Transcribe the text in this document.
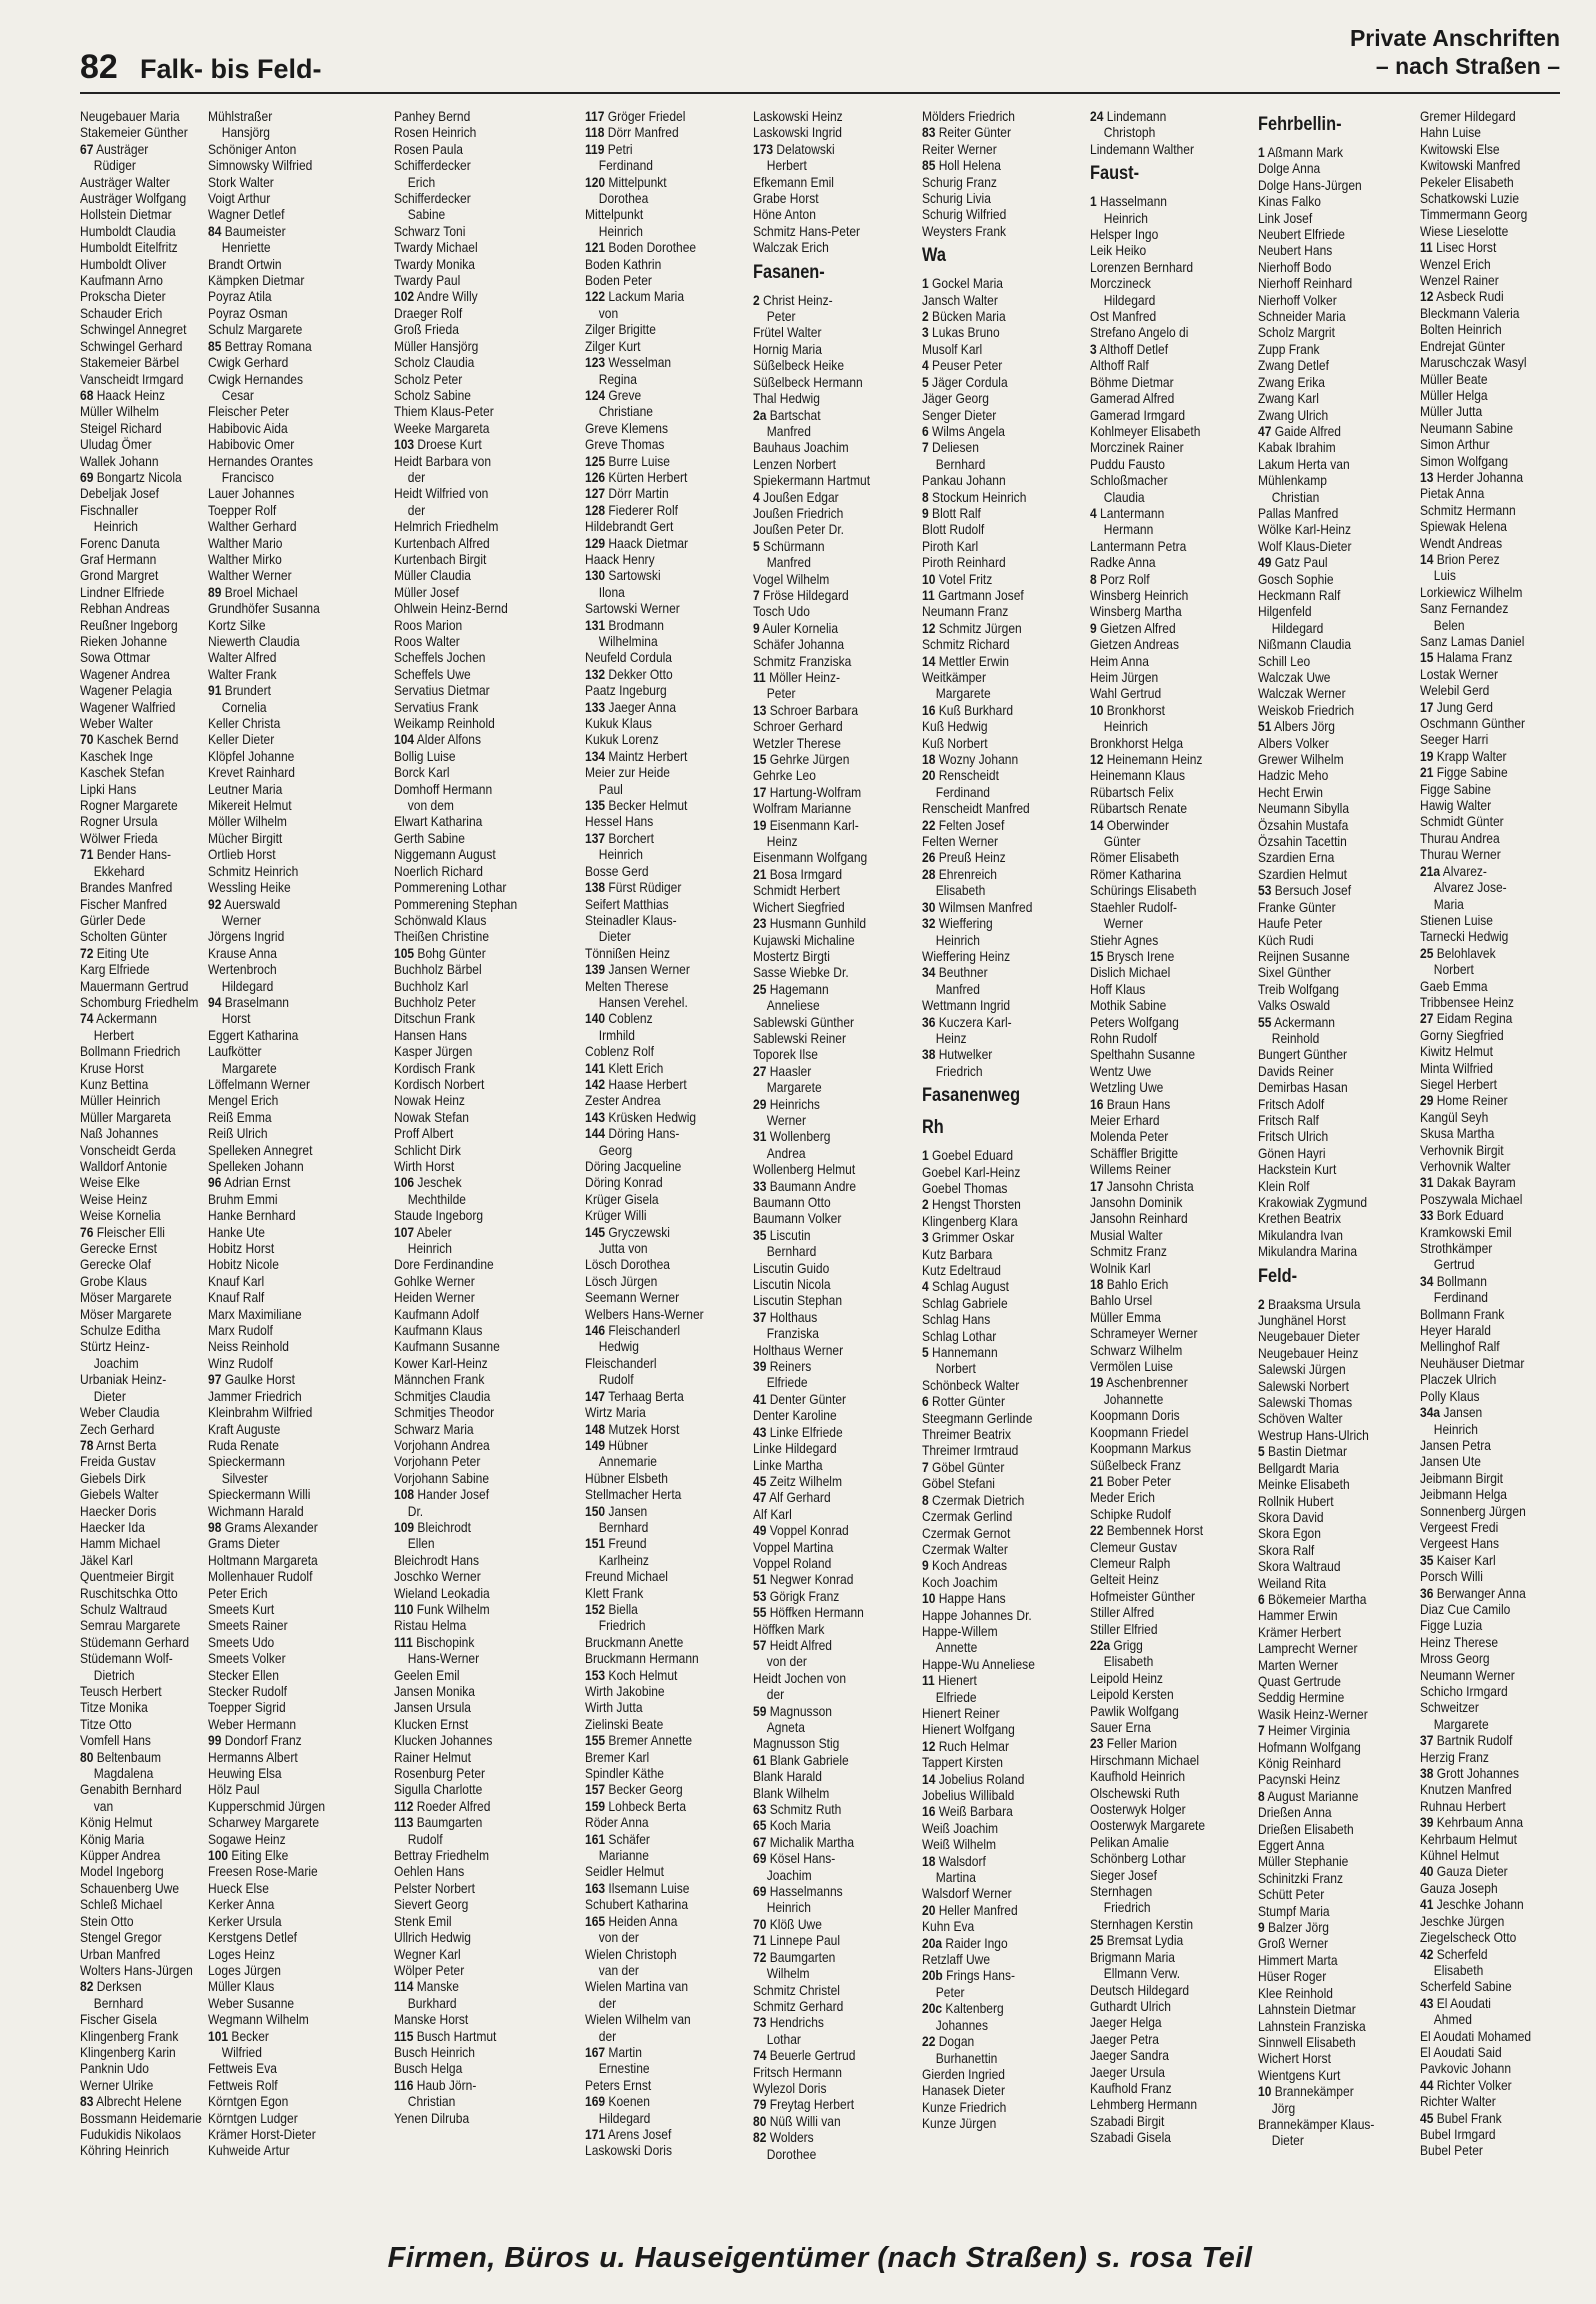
82 Falk- bis Feld-
Private Anschriften
– nach Straßen –
Neugebauer Maria
Stakemeier Günther
67 Austräger
Rüdiger
Austräger Walter
Austräger Wolfgang
Hollstein Dietmar
Humboldt Claudia
Humboldt Eitelfritz
Humboldt Oliver
Kaufmann Arno
Prokscha Dieter
Schauder Erich
Schwingel Annegret
Schwingel Gerhard
Stakemeier Bärbel
Vanscheidt Irmgard
68 Haack Heinz
Müller Wilhelm
Steigel Richard
Uludag Ömer
Wallek Johann
69 Bongartz Nicola
Debeljak Josef
Fischnaller
Heinrich
Forenc Danuta
Graf Hermann
Grond Margret
Lindner Elfriede
Rebhan Andreas
Reußner Ingeborg
Rieken Johanne
Sowa Ottmar
Wagener Andrea
Wagener Pelagia
Wagener Walfried
Weber Walter
70 Kaschek Bernd
Kaschek Inge
Kaschek Stefan
Lipki Hans
Rogner Margarete
Rogner Ursula
Wölwer Frieda
71 Bender Hans-
Ekkehard
Brandes Manfred
Fischer Manfred
Gürler Dede
Scholten Günter
72 Eiting Ute
Karg Elfriede
Mauermann Gertrud
Schomburg Friedhelm
74 Ackermann
Herbert
Bollmann Friedrich
Kruse Horst
Kunz Bettina
Müller Heinrich
Müller Margareta
Naß Johannes
Vonscheidt Gerda
Walldorf Antonie
Weise Elke
Weise Heinz
Weise Kornelia
76 Fleischer Elli
Gerecke Ernst
Gerecke Olaf
Grobe Klaus
Möser Margarete
Möser Margarete
Schulze Editha
Stürtz Heinz-
Joachim
Urbaniak Heinz-
Dieter
Weber Claudia
Zech Gerhard
78 Arnst Berta
Freida Gustav
Giebels Dirk
Giebels Walter
Haecker Doris
Haecker Ida
Hamm Michael
Jäkel Karl
Quentmeier Birgit
Ruschitschka Otto
Schulz Waltraud
Semrau Margarete
Stüdemann Gerhard
Stüdemann Wolf-
Dietrich
Teusch Herbert
Titze Monika
Titze Otto
Vomfell Hans
80 Beltenbaum
Magdalena
Genabith Bernhard
van
König Helmut
König Maria
Küpper Andrea
Model Ingeborg
Schauenberg Uwe
Schleß Michael
Stein Otto
Stengel Gregor
Urban Manfred
Wolters Hans-Jürgen
82 Derksen
Bernhard
Fischer Gisela
Klingenberg Frank
Klingenberg Karin
Panknin Udo
Werner Ulrike
83 Albrecht Helene
Bossmann Heidemarie
Fudukidis Nikolaos
Köhring Heinrich
Mühlstraßer
Hansjörg
Schöniger Anton
Simnowsky Wilfried
Stork Walter
Voigt Arthur
Wagner Detlef
84 Baumeister
Henriette
Brandt Ortwin
Kämpken Dietmar
Poyraz Atila
Poyraz Osman
Schulz Margarete
85 Bettray Romana
Cwigk Gerhard
Cwigk Hernandes
Cesar
Fleischer Peter
Habibovic Aida
Habibovic Omer
Hernandes Orantes
Francisco
Lauer Johannes
Toepper Rolf
Walther Gerhard
Walther Mario
Walther Mirko
Walther Werner
89 Broel Michael
Grundhöfer Susanna
Kortz Silke
Niewerth Claudia
Walter Alfred
Walter Frank
91 Brundert
Cornelia
Keller Christa
Keller Dieter
Klöpfel Johanne
Krevet Rainhard
Leutner Maria
Mikereit Helmut
Möller Wilhelm
Mücher Birgitt
Ortlieb Horst
Schmitz Heinrich
Wessling Heike
92 Auerswald
Werner
Jörgens Ingrid
Krause Anna
Wertenbroch
Hildegard
94 Braselmann
Horst
Eggert Katharina
Laufkötter
Margarete
Löffelmann Werner
Mengel Erich
Reiß Emma
Reiß Ulrich
Spelleken Annegret
Spelleken Johann
96 Adrian Ernst
Bruhm Emmi
Hanke Bernhard
Hanke Ute
Hobitz Horst
Hobitz Nicole
Knauf Karl
Knauf Ralf
Marx Maximiliane
Marx Rudolf
Neiss Reinhold
Winz Rudolf
97 Gaulke Horst
Jammer Friedrich
Kleinbrahm Wilfried
Kraft Auguste
Ruda Renate
Spieckermann
Silvester
Spieckermann Willi
Wichmann Harald
98 Grams Alexander
Grams Dieter
Holtmann Margareta
Mollenhauer Rudolf
Peter Erich
Smeets Kurt
Smeets Rainer
Smeets Udo
Smeets Volker
Stecker Ellen
Stecker Rudolf
Toepper Sigrid
Weber Hermann
99 Dondorf Franz
Hermanns Albert
Heuwing Elsa
Hölz Paul
Kupperschmid Jürgen
Scharwey Margarete
Sogawe Heinz
100 Eiting Elke
Freesen Rose-Marie
Hueck Else
Kerker Anna
Kerker Ursula
Kerstgens Detlef
Loges Heinz
Loges Jürgen
Müller Klaus
Weber Susanne
Wegmann Wilhelm
101 Becker
Wilfried
Fettweis Eva
Fettweis Rolf
Körntgen Egon
Körntgen Ludger
Krämer Horst-Dieter
Kuhweide Artur
Panhey Bernd
Rosen Heinrich
Rosen Paula
Schifferdecker
Erich
Schifferdecker
Sabine
Schwarz Toni
Twardy Michael
Twardy Monika
Twardy Paul
102 Andre Willy
Draeger Rolf
Groß Frieda
Müller Hansjörg
Scholz Claudia
Scholz Peter
Scholz Sabine
Thiem Klaus-Peter
Weeke Margareta
103 Droese Kurt
Heidt Barbara von
der
Heidt Wilfried von
der
Helmrich Friedhelm
Kurtenbach Alfred
Kurtenbach Birgit
Müller Claudia
Müller Josef
Ohlwein Heinz-Bernd
Roos Marion
Roos Walter
Scheffels Jochen
Scheffels Uwe
Servatius Dietmar
Servatius Frank
Weikamp Reinhold
104 Alder Alfons
Bollig Luise
Borck Karl
Domhoff Hermann
von dem
Elwart Katharina
Gerth Sabine
Niggemann August
Noerlich Richard
Pommerening Lothar
Pommerening Stephan
Schönwald Klaus
Theißen Christine
105 Bohg Günter
Buchholz Bärbel
Buchholz Karl
Buchholz Peter
Ditschun Frank
Hansen Hans
Kasper Jürgen
Kordisch Frank
Kordisch Norbert
Nowak Heinz
Nowak Stefan
Proff Albert
Schlicht Dirk
Wirth Horst
106 Jeschek
Mechthilde
Staude Ingeborg
107 Abeler
Heinrich
Dore Ferdinandine
Gohlke Werner
Heiden Werner
Kaufmann Adolf
Kaufmann Klaus
Kaufmann Susanne
Kower Karl-Heinz
Männchen Frank
Schmitjes Claudia
Schmitjes Theodor
Schwarz Maria
Vorjohann Andrea
Vorjohann Peter
Vorjohann Sabine
108 Hander Josef
Dr.
109 Bleichrodt
Ellen
Bleichrodt Hans
Joschko Werner
Wieland Leokadia
110 Funk Wilhelm
Ristau Helma
111 Bischopink
Hans-Werner
Geelen Emil
Jansen Monika
Jansen Ursula
Klucken Ernst
Klucken Johannes
Rainer Helmut
Rosenburg Peter
Sigulla Charlotte
112 Roeder Alfred
113 Baumgarten
Rudolf
Bettray Friedhelm
Oehlen Hans
Pelster Norbert
Sievert Georg
Stenk Emil
Ullrich Hedwig
Wegner Karl
Wölper Peter
114 Manske
Burkhard
Manske Horst
115 Busch Hartmut
Busch Heinrich
Busch Helga
116 Haub Jörn-
Christian
Yenen Dilruba
117 Gröger Friedel
118 Dörr Manfred
119 Petri
Ferdinand
120 Mittelpunkt
Dorothea
Mittelpunkt
Heinrich
121 Boden Dorothee
Boden Kathrin
Boden Peter
122 Lackum Maria
von
Zilger Brigitte
Zilger Kurt
123 Wesselman
Regina
124 Greve
Christiane
Greve Klemens
Greve Thomas
125 Burre Luise
126 Kürten Herbert
127 Dörr Martin
128 Fiederer Rolf
Hildebrandt Gert
129 Haack Dietmar
Haack Henry
130 Sartowski
Ilona
Sartowski Werner
131 Brodmann
Wilhelmina
Neufeld Cordula
132 Dekker Otto
Paatz Ingeburg
133 Jaeger Anna
Kukuk Klaus
Kukuk Lorenz
134 Maintz Herbert
Meier zur Heide
Paul
135 Becker Helmut
Hessel Hans
137 Borchert
Heinrich
Bosse Gerd
138 Fürst Rüdiger
Seifert Matthias
Steinadler Klaus-
Dieter
Tönnißen Heinz
139 Jansen Werner
Melten Therese
Hansen Verehel.
140 Coblenz
Irmhild
Coblenz Rolf
141 Klett Erich
142 Haase Herbert
Zester Andrea
143 Krüsken Hedwig
144 Döring Hans-
Georg
Döring Jacqueline
Döring Konrad
Krüger Gisela
Krüger Willi
145 Gryczewski
Jutta von
Lösch Dorothea
Lösch Jürgen
Seemann Werner
Welbers Hans-Werner
146 Fleischanderl
Hedwig
Fleischanderl
Rudolf
147 Terhaag Berta
Wirtz Maria
148 Mutzek Horst
149 Hübner
Annemarie
Hübner Elsbeth
Stellmacher Herta
150 Jansen
Bernhard
151 Freund
Karlheinz
Freund Michael
Klett Frank
152 Biella
Friedrich
Bruckmann Anette
Bruckmann Hermann
153 Koch Helmut
Wirth Jakobine
Wirth Jutta
Zielinski Beate
155 Bremer Annette
Bremer Karl
Spindler Käthe
157 Becker Georg
159 Lohbeck Berta
Röder Anna
161 Schäfer
Marianne
Seidler Helmut
163 Ilsemann Luise
Schubert Katharina
165 Heiden Anna
von der
Wielen Christoph
van der
Wielen Martina van
der
Wielen Wilhelm van
der
167 Martin
Ernestine
Peters Ernst
169 Koenen
Hildegard
171 Arens Josef
Laskowski Doris
Laskowski Heinz
Laskowski Ingrid
173 Delatowski
Herbert
Efkemann Emil
Grabe Horst
Höne Anton
Schmitz Hans-Peter
Walczak Erich
Fasanen-
2 Christ Heinz-
Peter
Frütel Walter
Hornig Maria
Süßelbeck Heike
Süßelbeck Hermann
Thal Hedwig
2a Bartschat
Manfred
Bauhaus Joachim
Lenzen Norbert
Spiekermann Hartmut
4 Joußen Edgar
Joußen Friedrich
Joußen Peter Dr.
5 Schürmann
Manfred
Vogel Wilhelm
7 Fröse Hildegard
Tosch Udo
9 Auler Kornelia
Schäfer Johanna
Schmitz Franziska
11 Möller Heinz-
Peter
13 Schroer Barbara
Schroer Gerhard
Wetzler Therese
15 Gehrke Jürgen
Gehrke Leo
17 Hartung-Wolfram
Wolfram Marianne
19 Eisenmann Karl-
Heinz
Eisenmann Wolfgang
21 Bosa Irmgard
Schmidt Herbert
Wichert Siegfried
23 Husmann Gunhild
Kujawski Michaline
Mostertz Birgti
Sasse Wiebke Dr.
25 Hagemann
Anneliese
Sablewski Günther
Sablewski Reiner
Toporek Ilse
27 Haasler
Margarete
29 Heinrichs
Werner
31 Wollenberg
Andrea
Wollenberg Helmut
33 Baumann Andre
Baumann Otto
Baumann Volker
35 Liscutin
Bernhard
Liscutin Guido
Liscutin Nicola
Liscutin Stephan
37 Holthaus
Franziska
Holthaus Werner
39 Reiners
Elfriede
41 Denter Günter
Denter Karoline
43 Linke Elfriede
Linke Hildegard
Linke Martha
45 Zeitz Wilhelm
47 Alf Gerhard
Alf Karl
49 Voppel Konrad
Voppel Martina
Voppel Roland
51 Negwer Konrad
53 Görigk Franz
55 Höffken Hermann
Höffken Mark
57 Heidt Alfred
von der
Heidt Jochen von
der
59 Magnusson
Agneta
Magnusson Stig
61 Blank Gabriele
Blank Harald
Blank Wilhelm
63 Schmitz Ruth
65 Koch Maria
67 Michalik Martha
69 Kösel Hans-
Joachim
69 Hasselmanns
Heinrich
70 Klöß Uwe
71 Linnepe Paul
72 Baumgarten
Wilhelm
Schmitz Christel
Schmitz Gerhard
73 Hendrichs
Lothar
74 Beuerle Gertrud
Fritsch Hermann
Wylezol Doris
79 Freytag Herbert
80 Nüß Willi van
82 Wolders
Dorothee
Mölders Friedrich
83 Reiter Günter
Reiter Werner
85 Holl Helena
Schurig Franz
Schurig Livia
Schurig Wilfried
Weysters Frank
Wa
1 Gockel Maria
Jansch Walter
2 Bücken Maria
3 Lukas Bruno
Musolf Karl
4 Peuser Peter
5 Jäger Cordula
Jäger Georg
Senger Dieter
6 Wilms Angela
7 Deliesen
Bernhard
Pankau Johann
8 Stockum Heinrich
9 Blott Ralf
Blott Rudolf
Piroth Karl
Piroth Reinhard
10 Votel Fritz
11 Gartmann Josef
Neumann Franz
12 Schmitz Jürgen
Schmitz Richard
14 Mettler Erwin
Weitkämper
Margarete
16 Kuß Burkhard
Kuß Hedwig
Kuß Norbert
18 Wozny Johann
20 Renscheidt
Ferdinand
Renscheidt Manfred
22 Felten Josef
Felten Werner
26 Preuß Heinz
28 Ehrenreich
Elisabeth
30 Wilmsen Manfred
32 Wieffering
Heinrich
Wieffering Heinz
34 Beuthner
Manfred
Wettmann Ingrid
36 Kuczera Karl-
Heinz
38 Hutwelker
Friedrich
Fasanenweg
Rh
1 Goebel Eduard
Goebel Karl-Heinz
Goebel Thomas
2 Hengst Thorsten
Klingenberg Klara
3 Grimmer Oskar
Kutz Barbara
Kutz Edeltraud
4 Schlag August
Schlag Gabriele
Schlag Hans
Schlag Lothar
5 Hannemann
Norbert
Schönbeck Walter
6 Rotter Günter
Steegmann Gerlinde
Threimer Beatrix
Threimer Irmtraud
7 Göbel Günter
Göbel Stefani
8 Czermak Dietrich
Czermak Gerlind
Czermak Gernot
Czermak Walter
9 Koch Andreas
Koch Joachim
10 Happe Hans
Happe Johannes Dr.
Happe-Willem
Annette
Happe-Wu Anneliese
11 Hienert
Elfriede
Hienert Reiner
Hienert Wolfgang
12 Ruch Helmar
Tappert Kirsten
14 Jobelius Roland
Jobelius Willibald
16 Weiß Barbara
Weiß Joachim
Weiß Wilhelm
18 Walsdorf
Martina
Walsdorf Werner
20 Heller Manfred
Kuhn Eva
20a Raider Ingo
Retzlaff Uwe
20b Frings Hans-
Peter
20c Kaltenberg
Johannes
22 Dogan
Burhanettin
Gierden Ingried
Hanasek Dieter
Kunze Friedrich
Kunze Jürgen
24 Lindemann
Christoph
Lindemann Walther
Faust-
1 Hasselmann
Heinrich
Helsper Ingo
Leik Heiko
Lorenzen Bernhard
Morczineck
Hildegard
Ost Manfred
Strefano Angelo di
3 Althoff Detlef
Althoff Ralf
Böhme Dietmar
Gamerad Alfred
Gamerad Irmgard
Kohlmeyer Elisabeth
Morczinek Rainer
Puddu Fausto
Schloßmacher
Claudia
4 Lantermann
Hermann
Lantermann Petra
Radke Anna
8 Porz Rolf
Winsberg Heinrich
Winsberg Martha
9 Gietzen Alfred
Gietzen Andreas
Heim Anna
Heim Jürgen
Wahl Gertrud
10 Bronkhorst
Heinrich
Bronkhorst Helga
12 Heinemann Heinz
Heinemann Klaus
Rübartsch Felix
Rübartsch Renate
14 Oberwinder
Günter
Römer Elisabeth
Römer Katharina
Schürings Elisabeth
Staehler Rudolf-
Werner
Stiehr Agnes
15 Brysch Irene
Dislich Michael
Hoff Klaus
Mothik Sabine
Peters Wolfgang
Rohn Rudolf
Spelthahn Susanne
Wentz Uwe
Wetzling Uwe
16 Braun Hans
Meier Erhard
Molenda Peter
Schäffler Brigitte
Willems Reiner
17 Jansohn Christa
Jansohn Dominik
Jansohn Reinhard
Musial Walter
Schmitz Franz
Wolnik Karl
18 Bahlo Erich
Bahlo Ursel
Müller Emma
Schrameyer Werner
Schwarz Wilhelm
Vermölen Luise
19 Aschenbrenner
Johannette
Koopmann Doris
Koopmann Friedel
Koopmann Markus
Süßelbeck Franz
21 Bober Peter
Meder Erich
Schipke Rudolf
22 Bembennek Horst
Clemeur Gustav
Clemeur Ralph
Gelteit Heinz
Hofmeister Günther
Stiller Alfred
Stiller Elfried
22a Grigg
Elisabeth
Leipold Heinz
Leipold Kersten
Pawlik Wolfgang
Sauer Erna
23 Feller Marion
Hirschmann Michael
Kaufhold Heinrich
Olschewski Ruth
Oosterwyk Holger
Oosterwyk Margarete
Pelikan Amalie
Schönberg Lothar
Sieger Josef
Sternhagen
Friedrich
Sternhagen Kerstin
25 Bremsat Lydia
Brigmann Maria
Ellmann Verw.
Deutsch Hildegard
Guthardt Ulrich
Jaeger Helga
Jaeger Petra
Jaeger Sandra
Jaeger Ursula
Kaufhold Franz
Lehmberg Hermann
Szabadi Birgit
Szabadi Gisela
Fehrbellin-
1 Aßmann Mark
Dolge Anna
Dolge Hans-Jürgen
Kinas Falko
Link Josef
Neubert Elfriede
Neubert Hans
Nierhoff Bodo
Nierhoff Reinhard
Nierhoff Volker
Schneider Maria
Scholz Margrit
Zupp Frank
Zwang Detlef
Zwang Erika
Zwang Karl
Zwang Ulrich
47 Gaide Alfred
Kabak Ibrahim
Lakum Herta van
Mühlenkamp
Christian
Pallas Manfred
Wölke Karl-Heinz
Wolf Klaus-Dieter
49 Gatz Paul
Gosch Sophie
Heckmann Ralf
Hilgenfeld
Hildegard
Nißmann Claudia
Schill Leo
Walczak Uwe
Walczak Werner
Weiskob Friedrich
51 Albers Jörg
Albers Volker
Grewer Wilhelm
Hadzic Meho
Hecht Erwin
Neumann Sibylla
Özsahin Mustafa
Özsahin Tacettin
Szardien Erna
Szardien Helmut
53 Bersuch Josef
Franke Günter
Haufe Peter
Küch Rudi
Reijnen Susanne
Sixel Günther
Treib Wolfgang
Valks Oswald
55 Ackermann
Reinhold
Bungert Günther
Davids Reiner
Demirbas Hasan
Fritsch Adolf
Fritsch Ralf
Fritsch Ulrich
Gönen Hayri
Hackstein Kurt
Klein Rolf
Krakowiak Zygmund
Krethen Beatrix
Mikulandra Ivan
Mikulandra Marina
Feld-
2 Braaksma Ursula
Junghänel Horst
Neugebauer Dieter
Neugebauer Heinz
Salewski Jürgen
Salewski Norbert
Salewski Thomas
Schöven Walter
Westrup Hans-Ulrich
5 Bastin Dietmar
Bellgardt Maria
Meinke Elisabeth
Rollnik Hubert
Skora David
Skora Egon
Skora Ralf
Skora Waltraud
Weiland Rita
6 Bökemeier Martha
Hammer Erwin
Krämer Herbert
Lamprecht Werner
Marten Werner
Quast Gertrude
Seddig Hermine
Wasik Heinz-Werner
7 Heimer Virginia
Hofmann Wolfgang
König Reinhard
Pacynski Heinz
8 August Marianne
Drießen Anna
Drießen Elisabeth
Eggert Anna
Müller Stephanie
Schinitzki Franz
Schütt Peter
Stumpf Maria
9 Balzer Jörg
Groß Werner
Himmert Marta
Hüser Roger
Klee Reinhold
Lahnstein Dietmar
Lahnstein Franziska
Sinnwell Elisabeth
Wichert Horst
Wientgens Kurt
10 Brannekämper
Jörg
Brannekämper Klaus-
Dieter
Gremer Hildegard
Hahn Luise
Kwitowski Else
Kwitowski Manfred
Pekeler Elisabeth
Schatkowski Luzie
Timmermann Georg
Wiese Lieselotte
11 Lisec Horst
Wenzel Erich
Wenzel Rainer
12 Asbeck Rudi
Bleckmann Valeria
Bolten Heinrich
Endrejat Günter
Maruschczak Wasyl
Müller Beate
Müller Helga
Müller Jutta
Neumann Sabine
Simon Arthur
Simon Wolfgang
13 Herder Johanna
Pietak Anna
Schmitz Hermann
Spiewak Helena
Wendt Andreas
14 Brion Perez
Luis
Lorkiewicz Wilhelm
Sanz Fernandez
Belen
Sanz Lamas Daniel
15 Halama Franz
Lostak Werner
Welebil Gerd
17 Jung Gerd
Oschmann Günther
Seeger Harri
19 Krapp Walter
21 Figge Sabine
Figge Sabine
Hawig Walter
Schmidt Günter
Thurau Andrea
Thurau Werner
21a Alvarez-
Alvarez Jose-
Maria
Stienen Luise
Tarnecki Hedwig
25 Belohlavek
Norbert
Gaeb Emma
Tribbensee Heinz
27 Eidam Regina
Gorny Siegfried
Kiwitz Helmut
Minta Wilfried
Siegel Herbert
29 Home Reiner
Kangül Seyh
Skusa Martha
Verhovnik Birgit
Verhovnik Walter
31 Dakak Bayram
Poszywala Michael
33 Bork Eduard
Kramkowski Emil
Strothkämper
Gertrud
34 Bollmann
Ferdinand
Bollmann Frank
Heyer Harald
Mellinghof Ralf
Neuhäuser Dietmar
Placzek Ulrich
Polly Klaus
34a Jansen
Heinrich
Jansen Petra
Jansen Ute
Jeibmann Birgit
Jeibmann Helga
Sonnenberg Jürgen
Vergeest Fredi
Vergeest Hans
35 Kaiser Karl
Porsch Willi
36 Berwanger Anna
Diaz Cue Camilo
Figge Luzia
Heinz Therese
Mross Georg
Neumann Werner
Schicho Irmgard
Schweitzer
Margarete
37 Bartnik Rudolf
Herzig Franz
38 Grott Johannes
Knutzen Manfred
Ruhnau Herbert
39 Kehrbaum Anna
Kehrbaum Helmut
Kühnel Helmut
40 Gauza Dieter
Gauza Joseph
41 Jeschke Johann
Jeschke Jürgen
Ziegelscheck Otto
42 Scherfeld
Elisabeth
Scherfeld Sabine
43 El Aoudati
Ahmed
El Aoudati Mohamed
El Aoudati Said
Pavkovic Johann
44 Richter Volker
Richter Walter
45 Bubel Frank
Bubel Irmgard
Bubel Peter
Firmen, Büros u. Hauseigentümer (nach Straßen) s. rosa Teil
